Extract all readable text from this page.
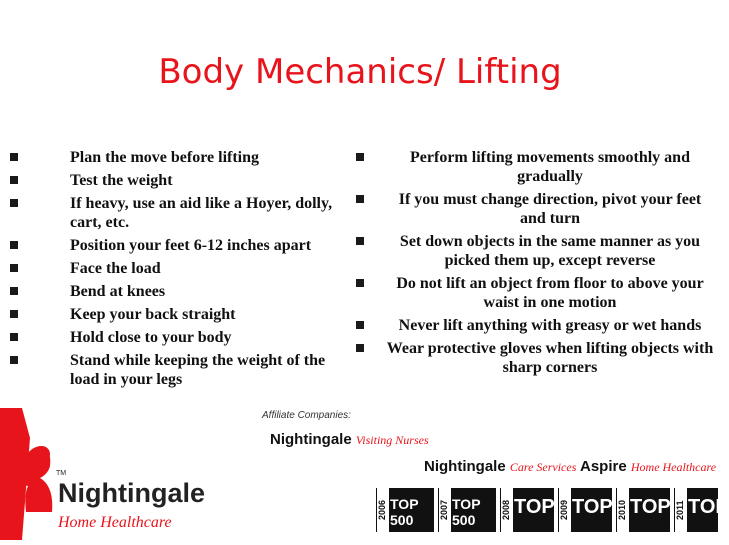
Body Mechanics/ Lifting
Plan the move before lifting
Test the weight
If heavy, use an aid like a Hoyer, dolly, cart, etc.
Position your feet 6-12 inches apart
Face the load
Bend at knees
Keep your back straight
Hold close to your body
Stand while keeping the weight of the load in your legs
Perform lifting movements smoothly and gradually
If you must change direction, pivot your feet and turn
Set down objects in the same manner as you picked them up, except reverse
Do not lift an object from floor to above your waist in one motion
Never lift anything with greasy or wet hands
Wear protective gloves when lifting objects with sharp corners
TM
Nightingale
Home Healthcare
Affiliate Companies:
Nightingale Visiting Nurses
Nightingale Care Services Aspire Home Healthcare
2006 TOP 500	2007 TOP 500	2008 TOP 2009 TOP 2010 TOP 2011 TOP
